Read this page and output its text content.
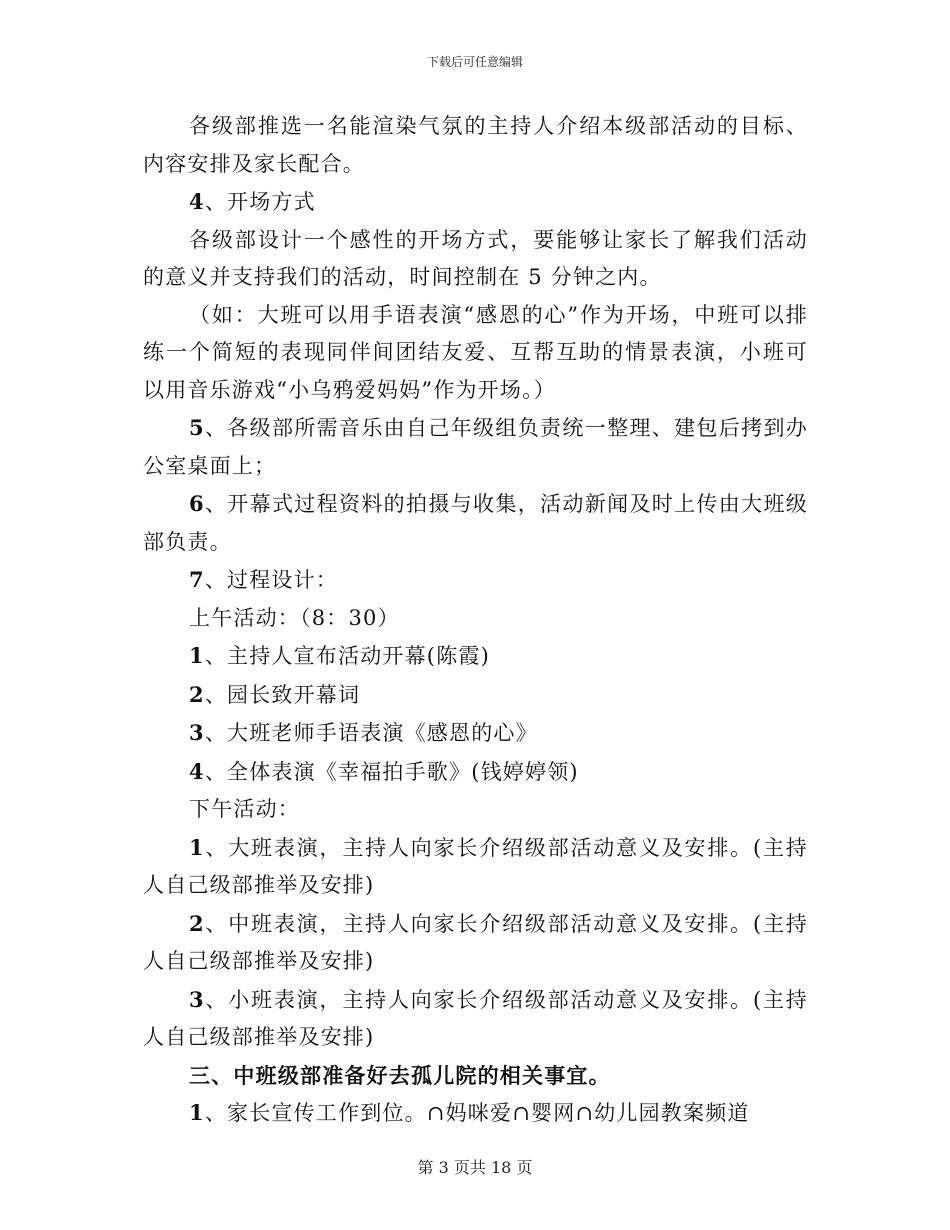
下载后可任意编辑

各级部推选一名能渲染气氛的主持人介绍本级部活动的目标、内容安排及家长配合。

4、开场方式

各级部设计一个感性的开场方式，要能够让家长了解我们活动的意义并支持我们的活动，时间控制在 5 分钟之内。

（如：大班可以用手语表演“感恩的心”作为开场，中班可以排练一个简短的表现同伴间团结友爱、互帮互助的情景表演，小班可以用音乐游戏“小乌鸦爱妈妈”作为开场。）

5、各级部所需音乐由自己年级组负责统一整理、建包后拷到办公室桌面上；

6、开幕式过程资料的拍摄与收集，活动新闻及时上传由大班级部负责。

7、过程设计：

上午活动：（8：30）

1、主持人宣布活动开幕(陈霞)

2、园长致开幕词

3、大班老师手语表演《感恩的心》

4、全体表演《幸福拍手歌》(钱婷婷领)

下午活动：

1、大班表演，主持人向家长介绍级部活动意义及安排。(主持人自己级部推举及安排)

2、中班表演，主持人向家长介绍级部活动意义及安排。(主持人自己级部推举及安排)

3、小班表演，主持人向家长介绍级部活动意义及安排。(主持人自己级部推举及安排)

三、中班级部准备好去孤儿院的相关事宜。

1、家长宣传工作到位。∩妈咪爱∩婴网∩幼儿园教案频道

第 3 页共 18 页
